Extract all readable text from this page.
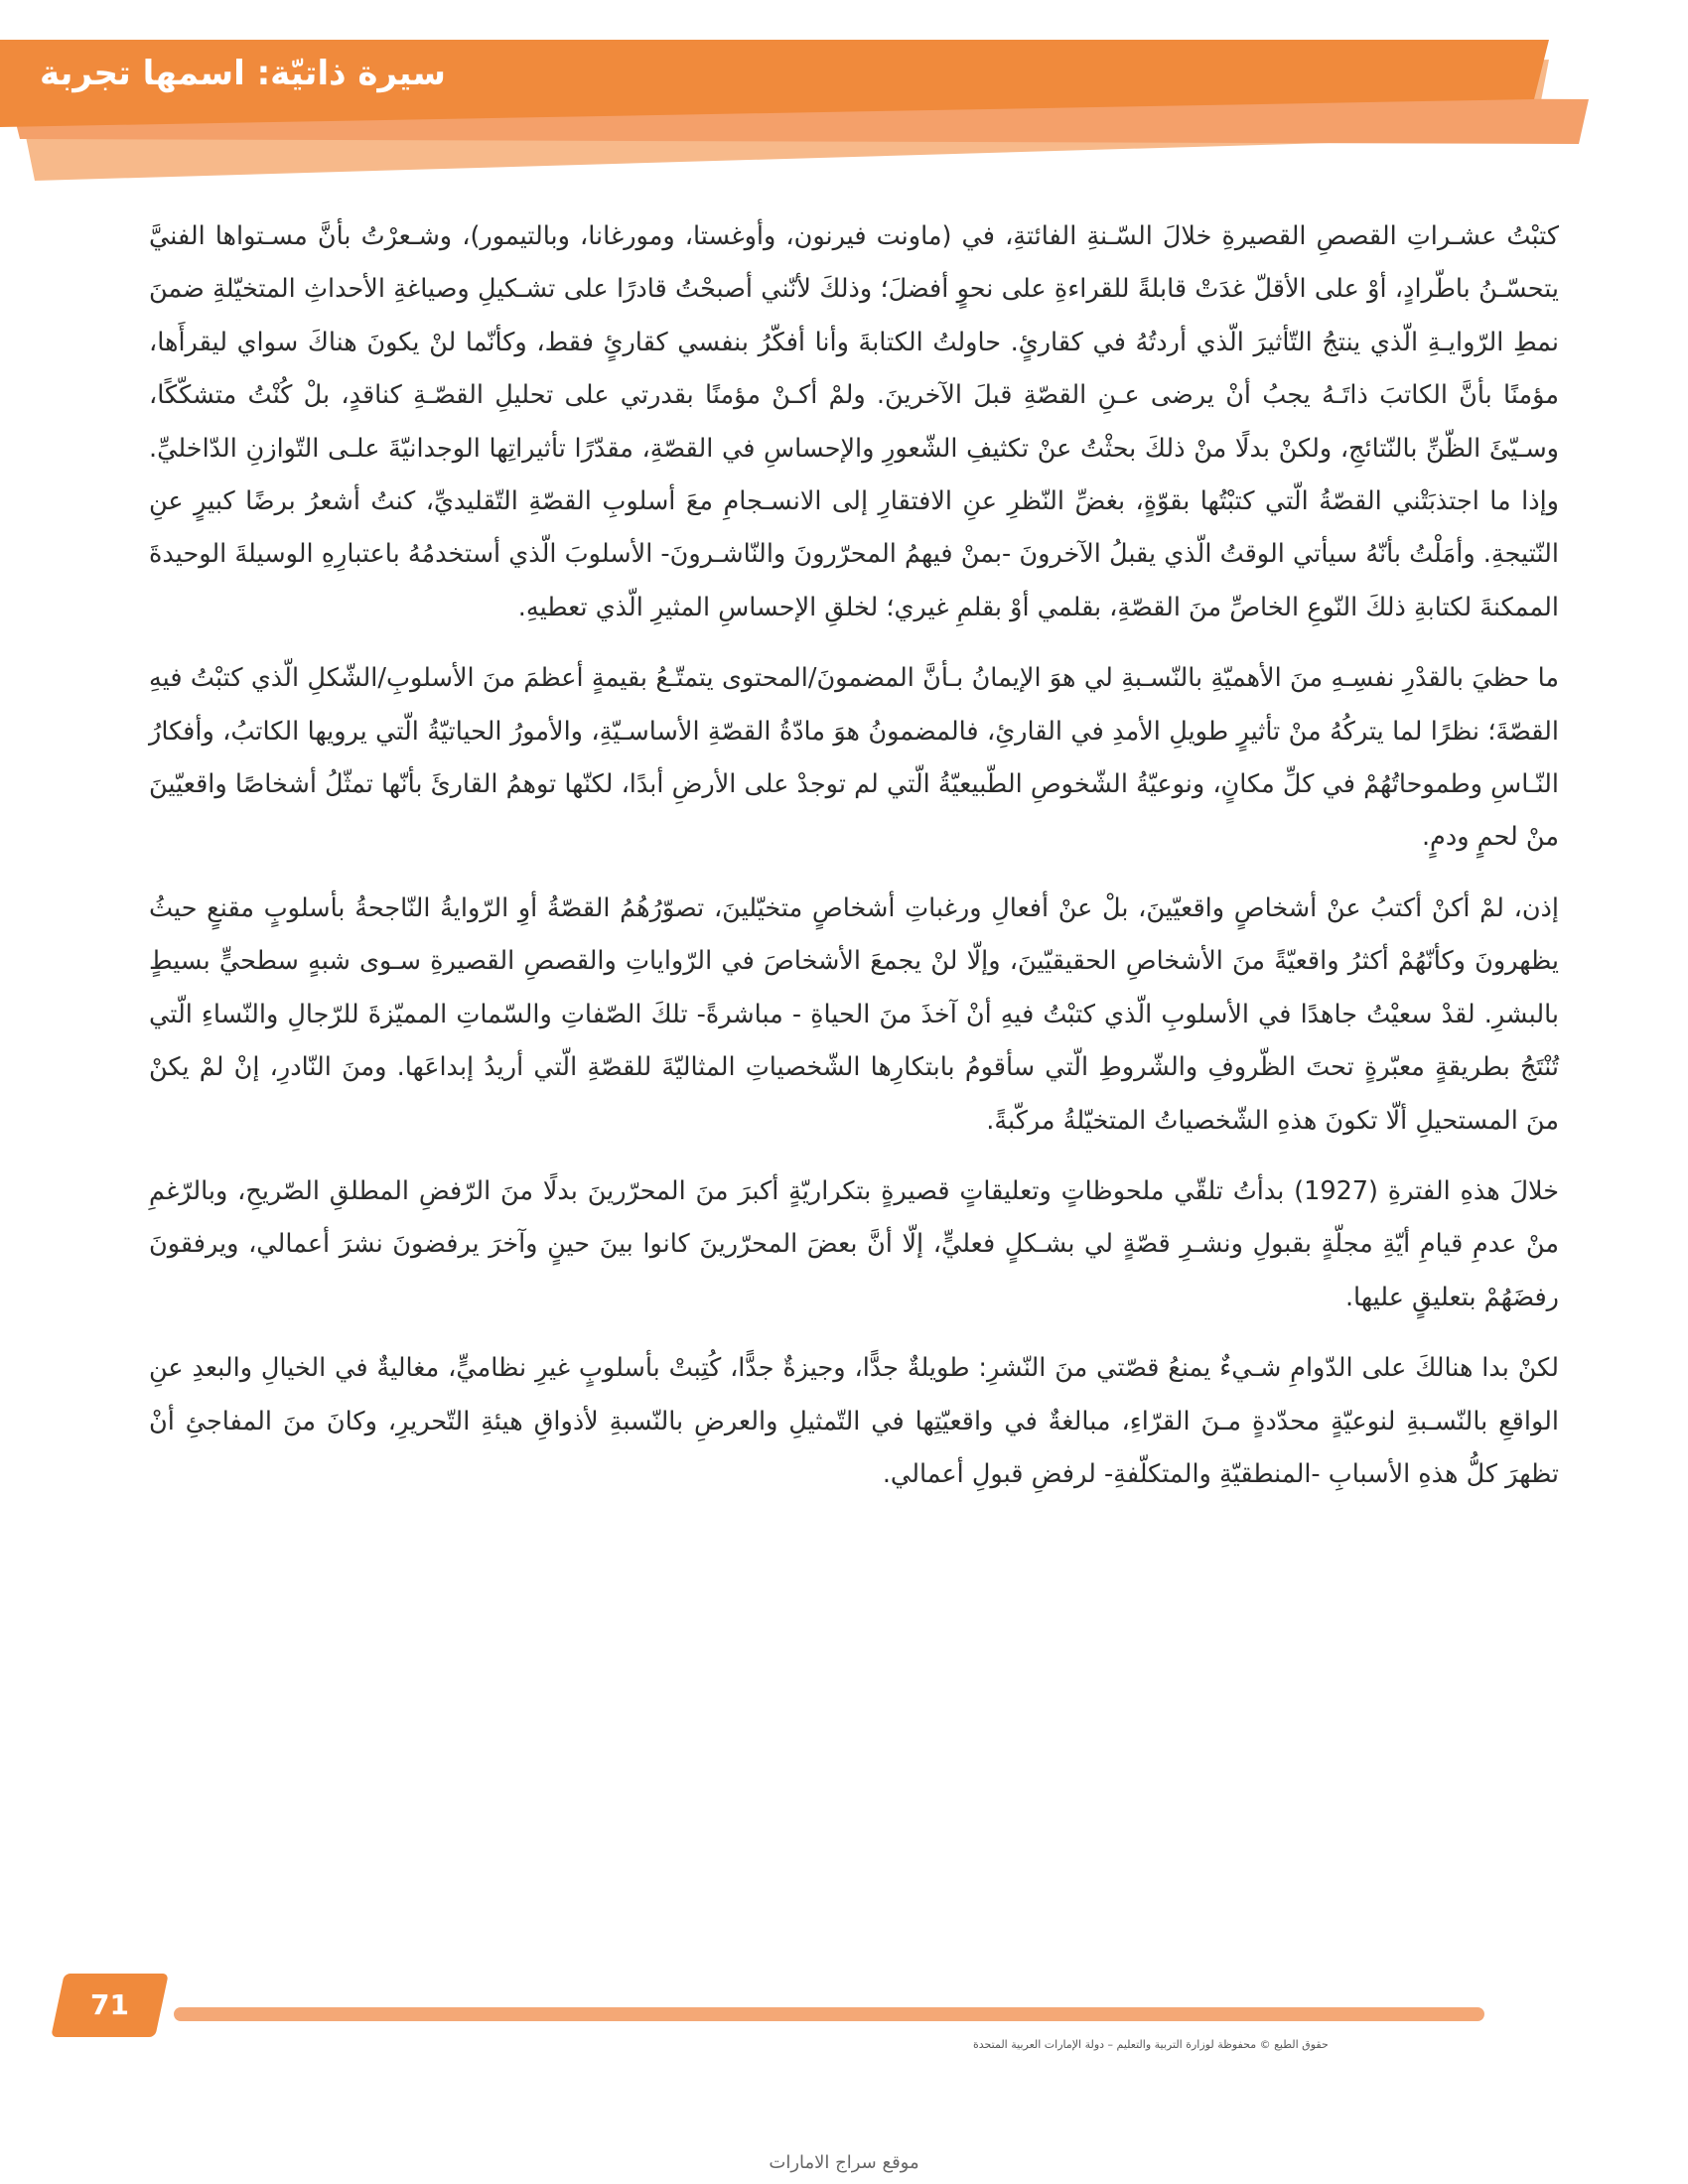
سيرة ذاتيّة: اسمها تجربة

كتبْتُ عشـراتِ القصصِ القصيرةِ خلالَ السّـنةِ الفائتةِ، في (ماونت فيرنون، وأوغستا، ومورغانا، وبالتيمور)، وشـعرْتُ بأنَّ مسـتواها الفنيَّ يتحسّـنُ باطّرادٍ، أوْ على الأقلّ غدَتْ قابلةً للقراءةِ على نحوٍ أفضلَ؛ وذلكَ لأنّني أصبحْتُ قادرًا على تشـكيلِ وصياغةِ الأحداثِ المتخيّلةِ ضمنَ نمطِ الرّوايـةِ الّذي ينتجُ التّأثيرَ الّذي أردتُهُ في كقارئٍ. حاولتُ الكتابةَ وأنا أفكّرُ بنفسي كقارئٍ فقط، وكأنّما لنْ يكونَ هناكَ سواي ليقرأَها، مؤمنًا بأنَّ الكاتبَ ذاتَـهُ يجبُ أنْ يرضى عـنِ القصّةِ قبلَ الآخرينَ. ولمْ أكـنْ مؤمنًا بقدرتي على تحليلِ القصّـةِ كناقدٍ، بلْ كُنْتُ متشكّكًا، وسـيّئَ الظّنِّ بالنّتائجِ، ولكنْ بدلًا منْ ذلكَ بحثْتُ عنْ تكثيفِ الشّعورِ والإحساسِ في القصّةِ، مقدّرًا تأثيراتِها الوجدانيّةَ علـى التّوازنِ الدّاخليِّ. وإذا ما اجتذبَتْني القصّةُ الّتي كتبْتُها بقوّةٍ، بغضِّ النّظرِ عنِ الافتقارِ إلى الانسـجامِ معَ أسلوبِ القصّةِ التّقليديِّ، كنتُ أشعرُ برضًا كبيرٍ عنِ النّتيجةِ. وأمَلْتُ بأنّهُ سيأتي الوقتُ الّذي يقبلُ الآخرونَ -بمنْ فيهمُ المحرّرونَ والنّاشـرونَ- الأسلوبَ الّذي أستخدمُهُ باعتبارِهِ الوسيلةَ الوحيدةَ الممكنةَ لكتابةِ ذلكَ النّوعِ الخاصِّ منَ القصّةِ، بقلمي أوْ بقلمِ غيري؛ لخلقِ الإحساسِ المثيرِ الّذي تعطيهِ.

ما حظيَ بالقدْرِ نفسِـهِ منَ الأهميّةِ بالنّسـبةِ لي هوَ الإيمانُ بـأنَّ المضمونَ/المحتوى يتمتّـعُ بقيمةٍ أعظمَ منَ الأسلوبِ/الشّكلِ الّذي كتبْتُ فيهِ القصّةَ؛ نظرًا لما يتركُهُ منْ تأثيرٍ طويلِ الأمدِ في القارئِ، فالمضمونُ هوَ مادّةُ القصّةِ الأساسـيّةِ، والأمورُ الحياتيّةُ الّتي يرويها الكاتبُ، وأفكارُ النّـاسِ وطموحاتُهُمْ في كلِّ مكانٍ، ونوعيّةُ الشّخوصِ الطّبيعيّةُ الّتي لم توجدْ على الأرضِ أبدًا، لكنّها توهمُ القارئَ بأنّها تمثّلُ أشخاصًا واقعيّينَ منْ لحمٍ ودمٍ.

إذن، لمْ أكنْ أكتبُ عنْ أشخاصٍ واقعيّينَ، بلْ عنْ أفعالِ ورغباتِ أشخاصٍ متخيّلينَ، تصوّرُهُمُ القصّةُ أوِ الرّوايةُ النّاجحةُ بأسلوبٍ مقنعٍ حيثُ يظهرونَ وكأنّهُمْ أكثرُ واقعيّةً منَ الأشخاصِ الحقيقيّينَ، وإلّا لنْ يجمعَ الأشخاصَ في الرّواياتِ والقصصِ القصيرةِ سـوى شبهٍ سطحيٍّ بسيطٍ بالبشرِ. لقدْ سعيْتُ جاهدًا في الأسلوبِ الّذي كتبْتُ فيهِ أنْ آخذَ منَ الحياةِ - مباشرةً- تلكَ الصّفاتِ والسّماتِ المميّزةَ للرّجالِ والنّساءِ الّتي تُنْتَجُ بطريقةٍ معبّرةٍ تحتَ الظّروفِ والشّروطِ الّتي سأقومُ بابتكارِها الشّخصياتِ المثاليّةَ للقصّةِ الّتي أريدُ إبداعَها. ومنَ النّادرِ، إنْ لمْ يكنْ منَ المستحيلِ ألّا تكونَ هذهِ الشّخصياتُ المتخيّلةُ مركّبةً.

خلالَ هذهِ الفترةِ (1927) بدأتُ تلقّي ملحوظاتٍ وتعليقاتٍ قصيرةٍ بتكراريّةٍ أكبرَ منَ المحرّرينَ بدلًا منَ الرّفضِ المطلقِ الصّريحِ، وبالرّغمِ منْ عدمِ قيامِ أيّةِ مجلّةٍ بقبولِ ونشـرِ قصّةٍ لي بشـكلٍ فعليٍّ، إلّا أنَّ بعضَ المحرّرينَ كانوا بينَ حينٍ وآخرَ يرفضونَ نشرَ أعمالي، ويرفقونَ رفضَهُمْ بتعليقٍ عليها.

لكنْ بدا هنالكَ على الدّوامِ شـيءٌ يمنعُ قصّتي منَ النّشرِ: طويلةٌ جدًّا، وجيزةٌ جدًّا، كُتِبتْ بأسلوبٍ غيرِ نظاميٍّ، مغاليةٌ في الخيالِ والبعدِ عنِ الواقعِ بالنّسـبةِ لنوعيّةٍ محدّدةٍ مـنَ القرّاءِ، مبالغةٌ في واقعيّتِها في التّمثيلِ والعرضِ بالنّسبةِ لأذواقِ هيئةِ التّحريرِ، وكانَ منَ المفاجئِ أنْ تظهرَ كلُّ هذهِ الأسبابِ -المنطقيّةِ والمتكلّفةِ- لرفضِ قبولِ أعمالي.

71
حقوق الطبع © محفوظة لوزارة التربية والتعليم – دولة الإمارات العربية المتحدة
موقع سراج الامارات
